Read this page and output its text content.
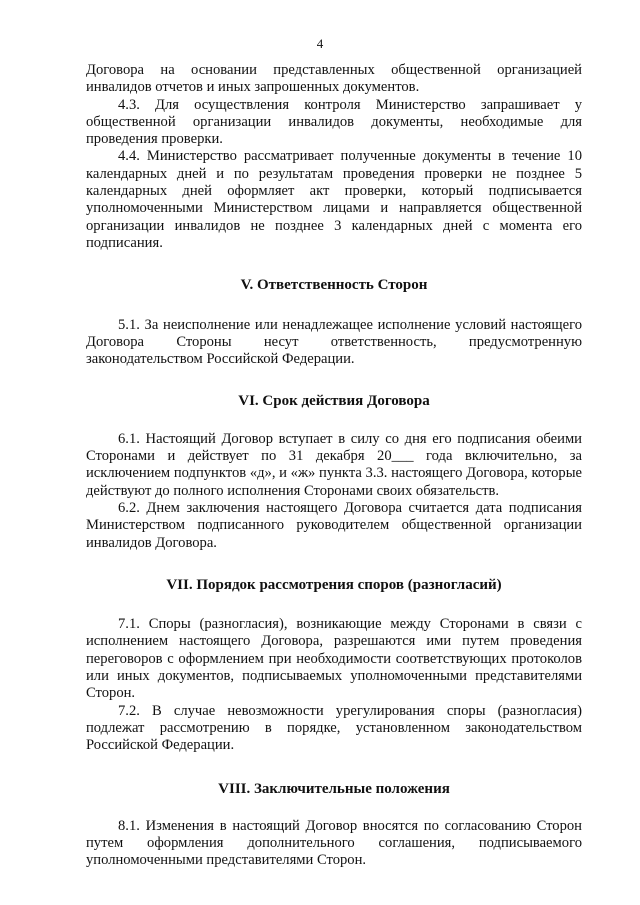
4

Договора на основании представленных общественной организацией инвалидов отчетов и иных запрошенных документов.

4.3. Для осуществления контроля Министерство запрашивает у общественной организации инвалидов документы, необходимые для проведения проверки.

4.4. Министерство рассматривает полученные документы в течение 10 календарных дней и по результатам проведения проверки не позднее 5 календарных дней оформляет акт проверки, который подписывается уполномоченными Министерством лицами и направляется общественной организации инвалидов не позднее 3 календарных дней с момента его подписания.

V. Ответственность Сторон

5.1. За неисполнение или ненадлежащее исполнение условий настоящего Договора Стороны несут ответственность, предусмотренную законодательством Российской Федерации.

VI. Срок действия Договора

6.1. Настоящий Договор вступает в силу со дня его подписания обеими Сторонами и действует по 31 декабря 20___ года включительно, за исключением подпунктов «д», и «ж» пункта 3.3. настоящего Договора, которые действуют до полного исполнения Сторонами своих обязательств.

6.2. Днем заключения настоящего Договора считается дата подписания Министерством подписанного руководителем общественной организации инвалидов Договора.

VII. Порядок рассмотрения споров (разногласий)

7.1. Споры (разногласия), возникающие между Сторонами в связи с исполнением настоящего Договора, разрешаются ими путем проведения переговоров с оформлением при необходимости соответствующих протоколов или иных документов, подписываемых уполномоченными представителями Сторон.

7.2. В случае невозможности урегулирования споры (разногласия) подлежат рассмотрению в порядке, установленном законодательством Российской Федерации.

VIII. Заключительные положения

8.1. Изменения в настоящий Договор вносятся по согласованию Сторон путем оформления дополнительного соглашения, подписываемого уполномоченными представителями Сторон.
